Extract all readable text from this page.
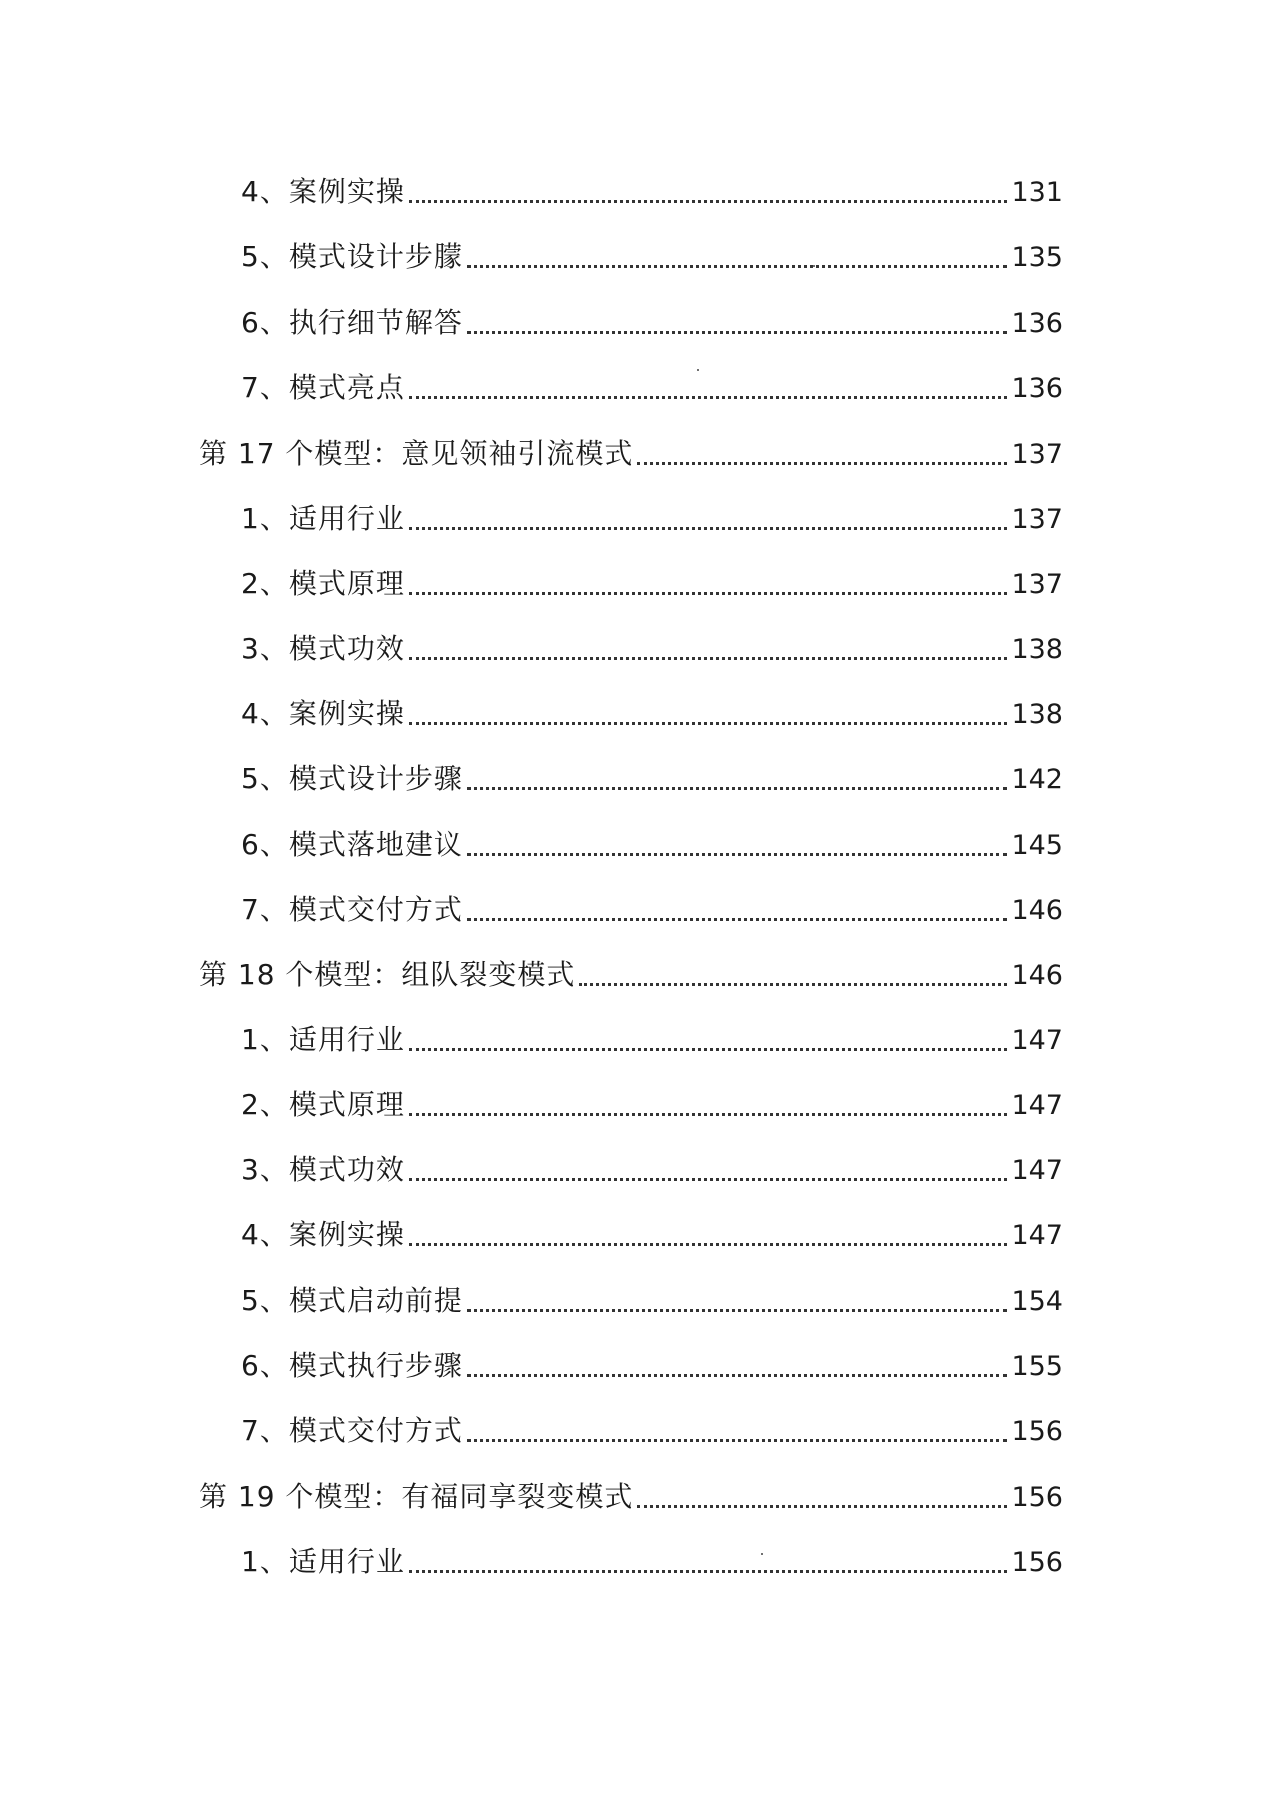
4、案例实操	131
5、模式设计步朦	135
6、执行细节解答	136
7、模式亮点	136
第 17 个模型：意见领袖引流模式	137
1、适用行业	137
2、模式原理	137
3、模式功效	138
4、案例实操	138
5、模式设计步骤	142
6、模式落地建议	145
7、模式交付方式	146
第 18 个模型：组队裂变模式	146
1、适用行业	147
2、模式原理	147
3、模式功效	147
4、案例实操	147
5、模式启动前提	154
6、模式执行步骤	155
7、模式交付方式	156
第 19 个模型：有福同享裂变模式	156
1、适用行业	156
